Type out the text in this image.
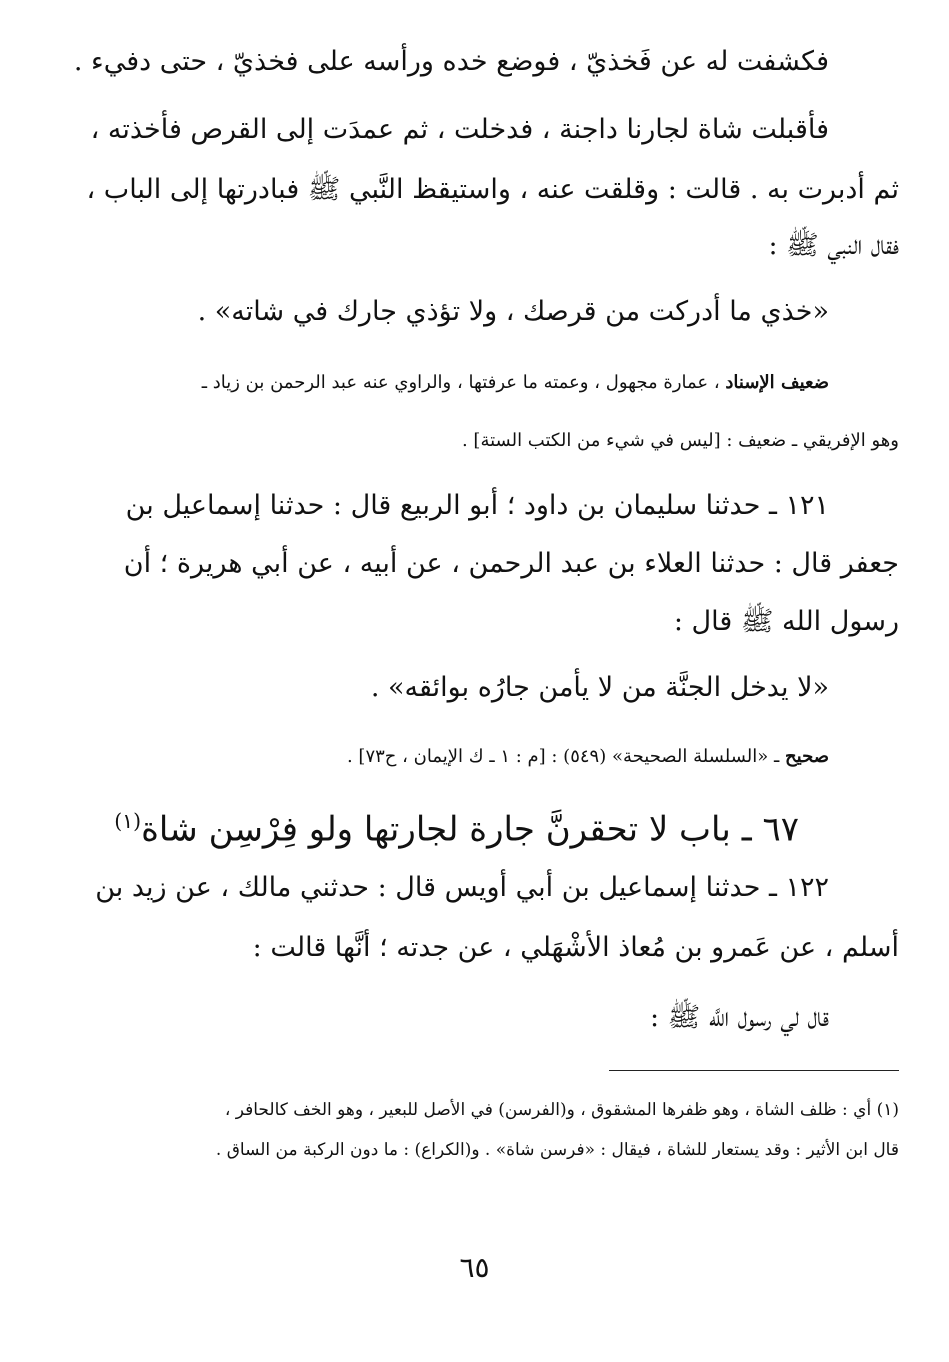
فكشفت له عن فَخذيّ ، فوضع خده ورأسه على فخذيّ ، حتى دفيء .
فأقبلت شاة لجارنا داجنة ، فدخلت ، ثم عمدَت إلى القرص فأخذته ،
ثم أدبرت به . قالت : وقلقت عنه ، واستيقظ النَّبي ﷺ فبادرتها إلى الباب ،
فقال النبي ﷺ :
«خذي ما أدركت من قرصك ، ولا تؤذي جارك في شاته» .
ضعيف الإسناد ، عمارة مجهول ، وعمته ما عرفتها ، والراوي عنه عبد الرحمن بن زياد ـ
وهو الإفريقي ـ ضعيف : [ليس في شيء من الكتب الستة] .
١٢١ ـ حدثنا سليمان بن داود ؛ أبو الربيع قال : حدثنا إسماعيل بن
جعفر قال : حدثنا العلاء بن عبد الرحمن ، عن أبيه ، عن أبي هريرة ؛ أن
رسول الله ﷺ قال :
«لا يدخل الجنَّة من لا يأمن جارُه بوائقه» .
صحيح ـ «السلسلة الصحيحة» (٥٤٩) : [م : ١ ـ ك الإيمان ، ح٧٣] .
٦٧ ـ باب لا تحقرنَّ جارة لجارتها ولو فِرْسِن شاة$^{(١)}$
١٢٢ ـ حدثنا إسماعيل بن أبي أويس قال : حدثني مالك ، عن زيد بن
أسلم ، عن عَمرو بن مُعاذ الأشْهَلي ، عن جدته ؛ أنَّها قالت :
قال لي رسول اللَّه ﷺ :
(١) أي : ظلف الشاة ، وهو ظفرها المشقوق ، و(الفرسن) في الأصل للبعير ، وهو الخف كالحافر ،
قال ابن الأثير : وقد يستعار للشاة ، فيقال : «فرسن شاة» . و(الكراع) : ما دون الركبة من الساق .
٦٥
